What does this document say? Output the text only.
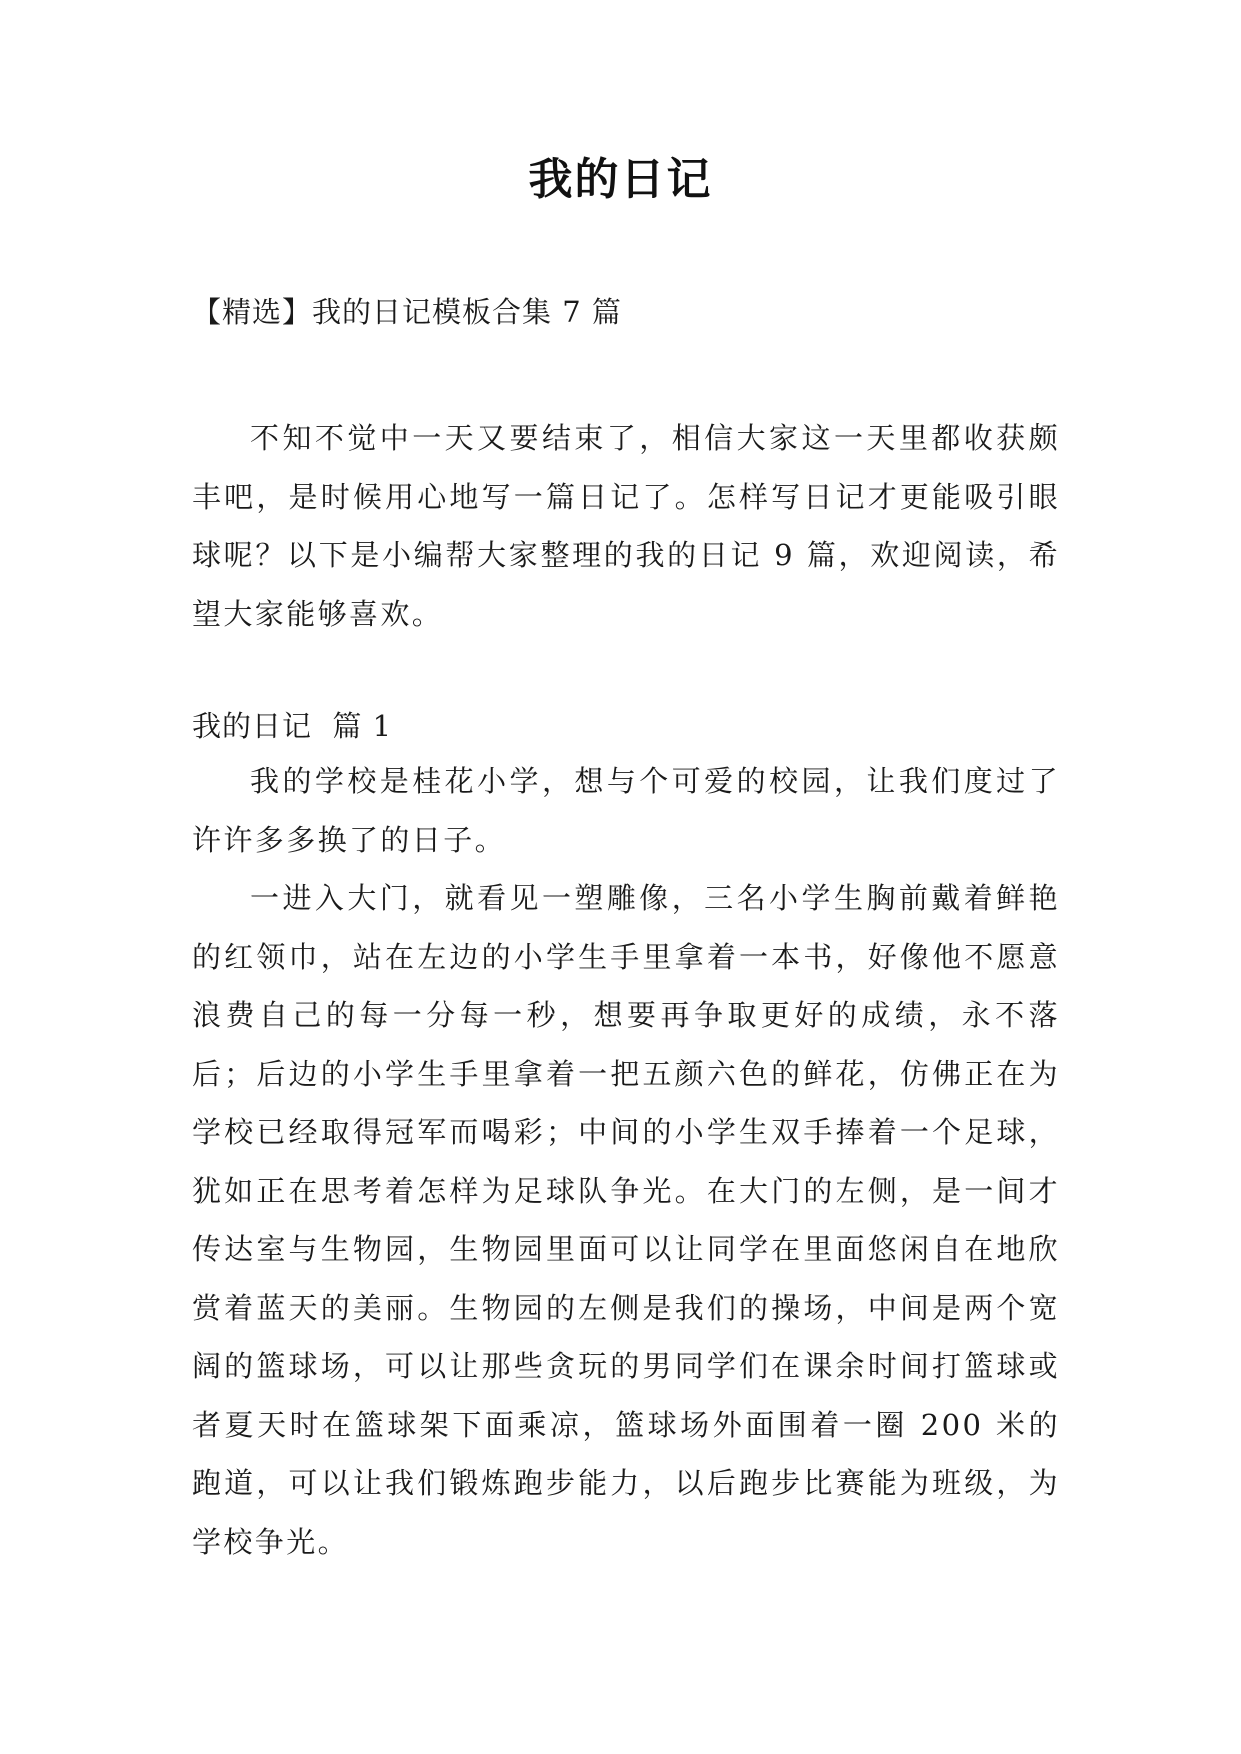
我的日记
【精选】我的日记模板合集 7 篇

不知不觉中一天又要结束了，相信大家这一天里都收获颇丰吧，是时候用心地写一篇日记了。怎样写日记才更能吸引眼球呢？以下是小编帮大家整理的我的日记 9 篇，欢迎阅读，希望大家能够喜欢。

我的日记  篇 1

我的学校是桂花小学，想与个可爱的校园，让我们度过了许许多多换了的日子。

一进入大门，就看见一塑雕像，三名小学生胸前戴着鲜艳的红领巾，站在左边的小学生手里拿着一本书，好像他不愿意浪费自己的每一分每一秒，想要再争取更好的成绩，永不落后；后边的小学生手里拿着一把五颜六色的鲜花，仿佛正在为学校已经取得冠军而喝彩；中间的小学生双手捧着一个足球，犹如正在思考着怎样为足球队争光。在大门的左侧，是一间才传达室与生物园，生物园里面可以让同学在里面悠闲自在地欣赏着蓝天的美丽。生物园的左侧是我们的操场，中间是两个宽阔的篮球场，可以让那些贪玩的男同学们在课余时间打篮球或者夏天时在篮球架下面乘凉，篮球场外面围着一圈 200 米的跑道，可以让我们锻炼跑步能力，以后跑步比赛能为班级，为学校争光。
